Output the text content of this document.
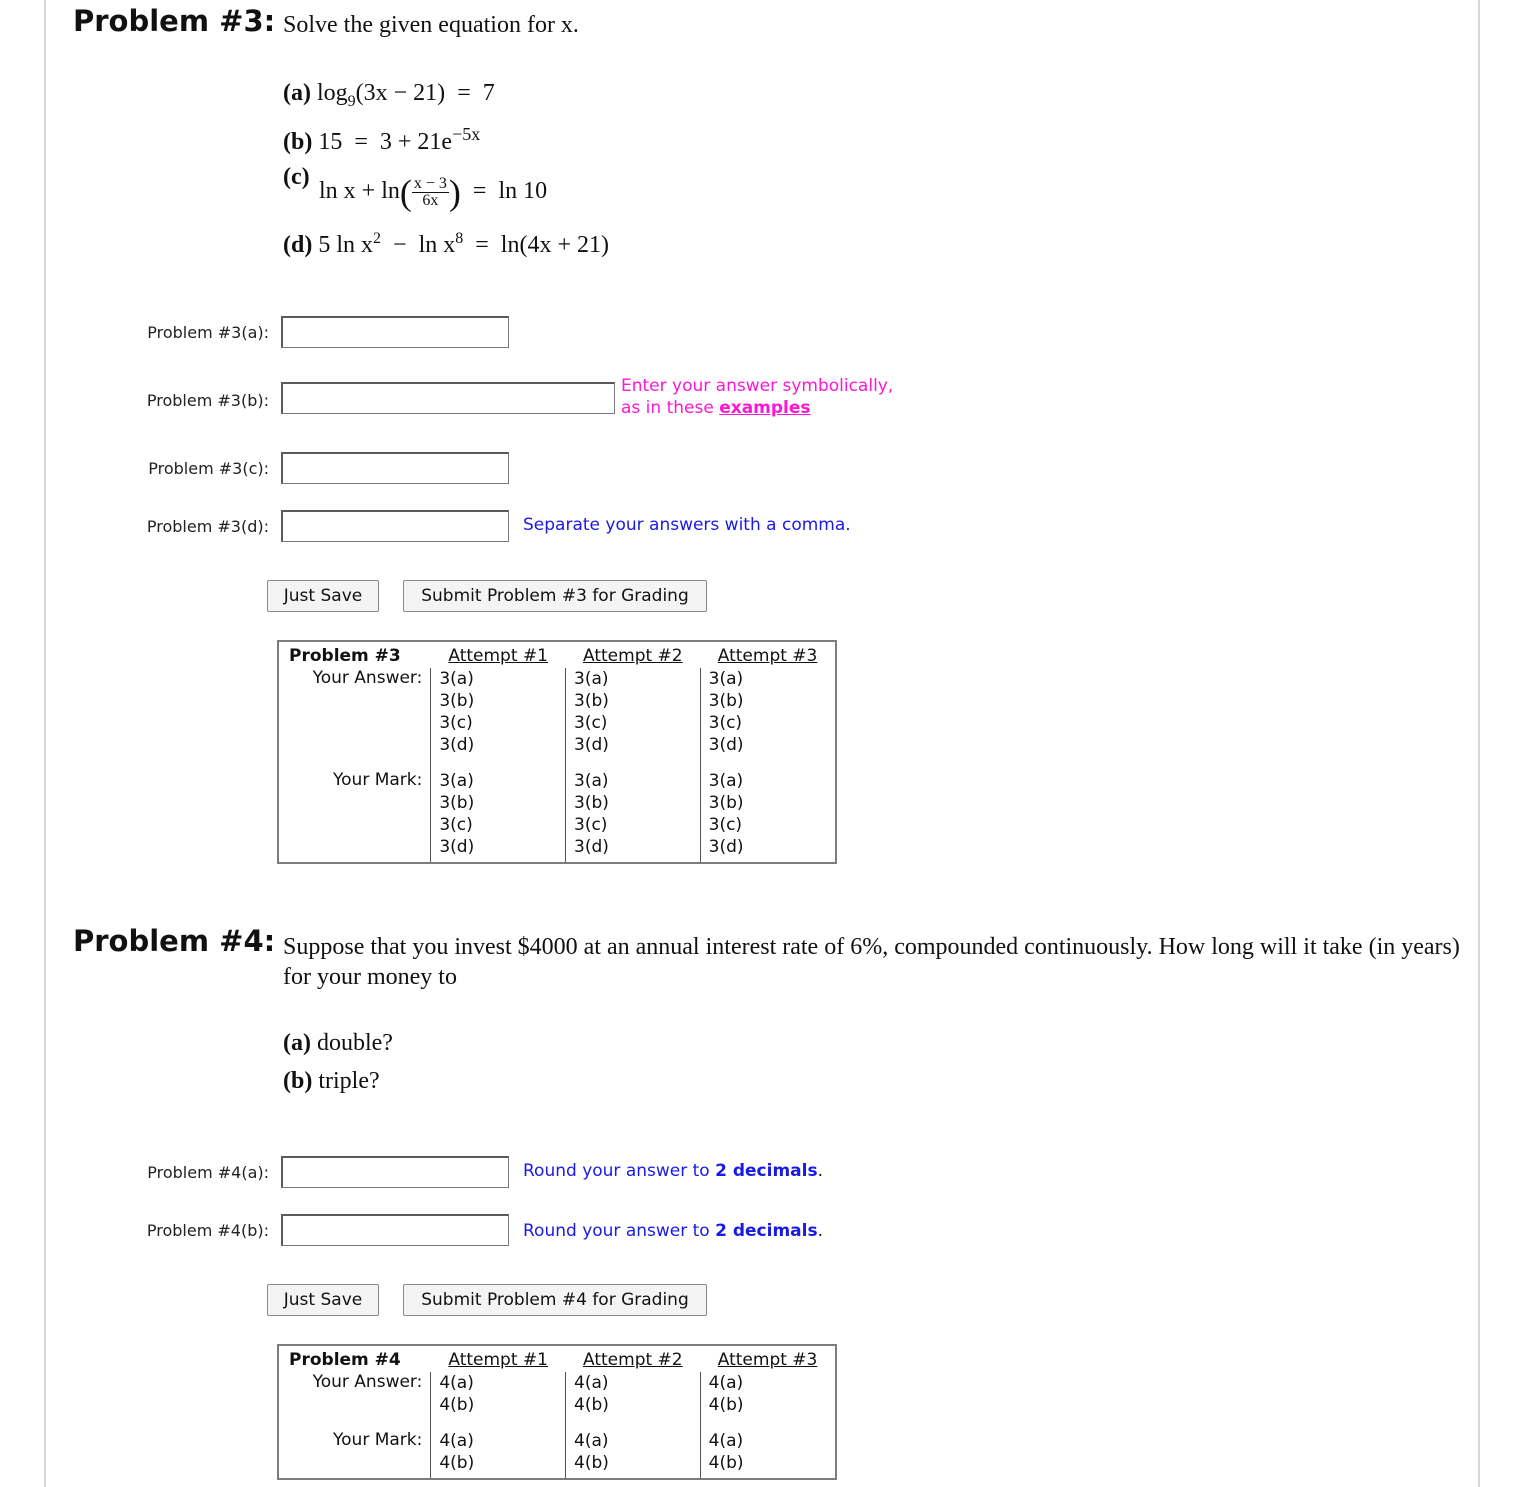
Problem #3: Solve the given equation for x.
(a) $\log_9(3x - 21) = 7$
(b) $15 = 3 + 21e^{-5x}$
(c)
$\ln x + \ln( \frac{x - 3}{6x}$ ) = ln 10
(d) 5 $\ln x^2 - \ln x^8 = \ln(4x + 21)$
Problem #3(a):
Problem #3(b):
Enter your answer symbolically,
as in these examples
Problem #3(c):
Problem #3(d):	Separate your answers with a comma.
Just Save	Submit Problem #3 for Grading
Problem #3	Attempt #1	Attempt #2	Attempt #3
Your Answer:	3(a)
3(b)
3(c)
3(d)	3(a)
3(b)
3(c)
3(d)	3(a)
3(b)
3(c)
3(d)
Your Mark:	3(a)
3(b)
3(c)
3(d)	3(a)
3(b)
3(c)
3(d)	3(a)
3(b)
3(c)
3(d)
Problem #4: Suppose that you invest $4000 at an annual interest rate of 6%, compounded continuously. How long will it take (in years) for your money to
(a) double?
(b) triple?
Problem #4(a):	Round your answer to 2 decimals.
Problem #4(b):	Round your answer to 2 decimals.
Just Save	Submit Problem #4 for Grading
Problem #4	Attempt #1	Attempt #2	Attempt #3
Your Answer:	4(a)
4(b)	4(a)
4(b)	4(a)
4(b)
Your Mark:	4(a)
4(b)	4(a)
4(b)	4(a)
4(b)
